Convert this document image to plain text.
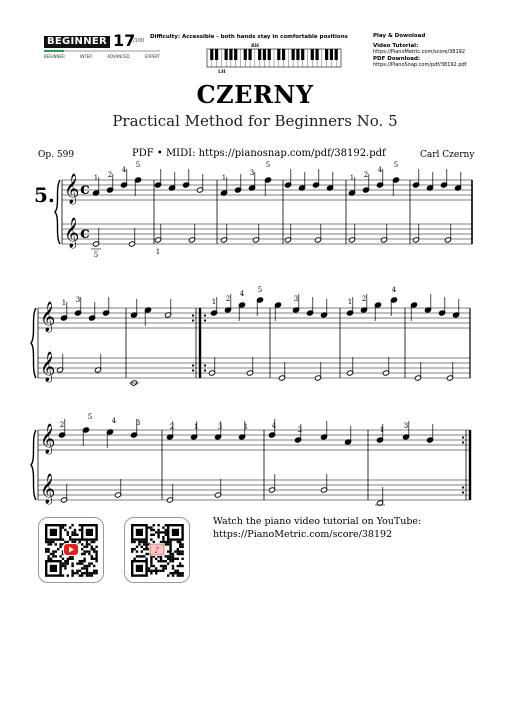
BEGINNER 17
/100
BEGINNER	INTER	ADVANCED	EXPERT
Difficulty: Accessible - both hands stay in comfortable positions
RH
LH
Play & Download
Video Tutorial:
https://PianoMetric.com/score/38192
PDF Download:
https://PianoSnap.com/pdf/38192.pdf
CZERNY
Practical Method for Beginners No. 5
Op. 599	PDF • MIDI: https://pianosnap.com/pdf/38192.pdf	Carl Czerny
5. 𝄞
𝄞
c
c
1 2
4
5
1
3
5
1 2
4
5
5	1
𝄞
𝄞
1 3	1 2
4 5
3	1 2
4
𝄞
𝄞
2
5	4	3	2	1	3	1	4	2	1	3
♪
Watch the piano video tutorial on YouTube:
https://PianoMetric.com/score/38192
